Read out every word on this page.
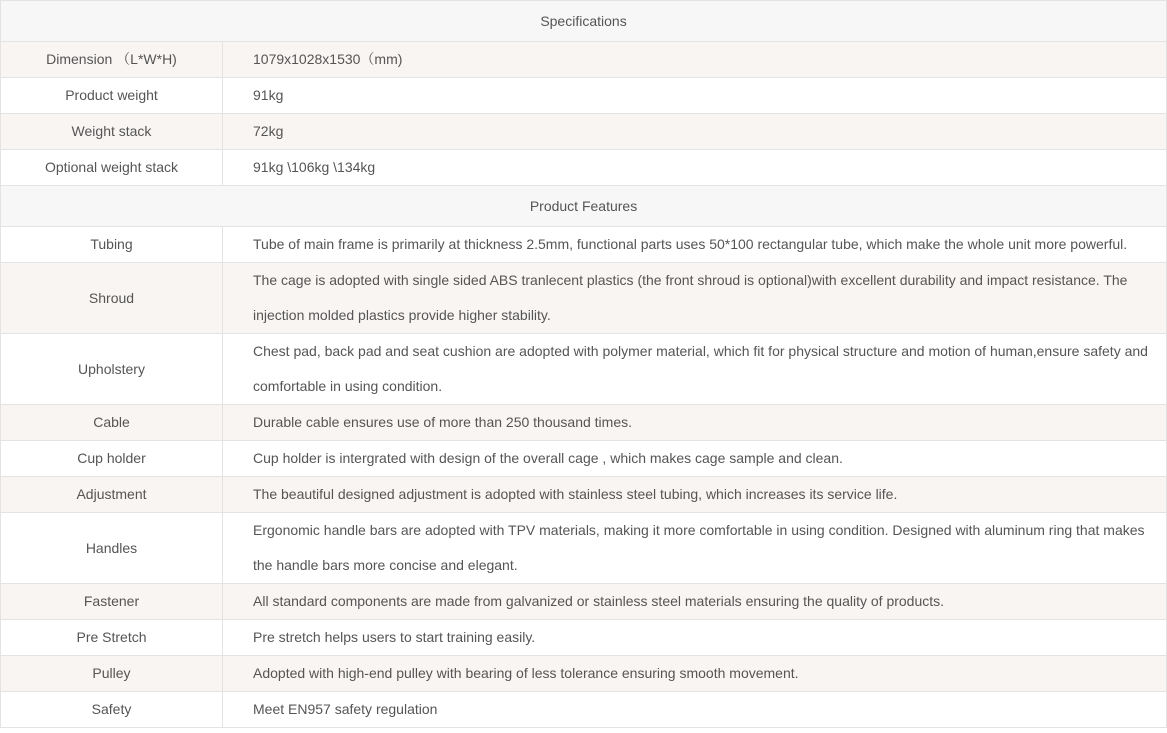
Specifications	
Dimension （L*W*H)	1079x1028x1530（mm)
Product weight	91kg
Weight stack	72kg
Optional weight stack	91kg \106kg \134kg
Product Features	
Tubing	Tube of main frame is primarily at thickness 2.5mm, functional parts uses 50*100 rectangular tube, which make the whole unit more powerful.
Shroud	The cage is adopted with single sided ABS tranlecent plastics (the front shroud is optional)with excellent durability and impact resistance. The injection molded plastics provide higher stability.
Upholstery	Chest pad, back pad and seat cushion are adopted with polymer material, which fit for physical structure and motion of human,ensure safety and comfortable in using condition.
Cable	Durable cable ensures use of more than 250 thousand times.
Cup holder	Cup holder is intergrated with design of the overall cage , which makes cage sample and clean.
Adjustment	The beautiful designed adjustment is adopted with stainless steel tubing, which increases its service life.
Handles	Ergonomic handle bars are adopted with TPV materials, making it more comfortable in using condition. Designed with aluminum ring that makes the handle bars more concise and elegant.
Fastener	All standard components are made from galvanized or stainless steel materials ensuring the quality of products.
Pre Stretch	Pre stretch helps users to start training easily.
Pulley	Adopted with high-end pulley with bearing of less tolerance ensuring smooth movement.
Safety	Meet EN957 safety regulation
